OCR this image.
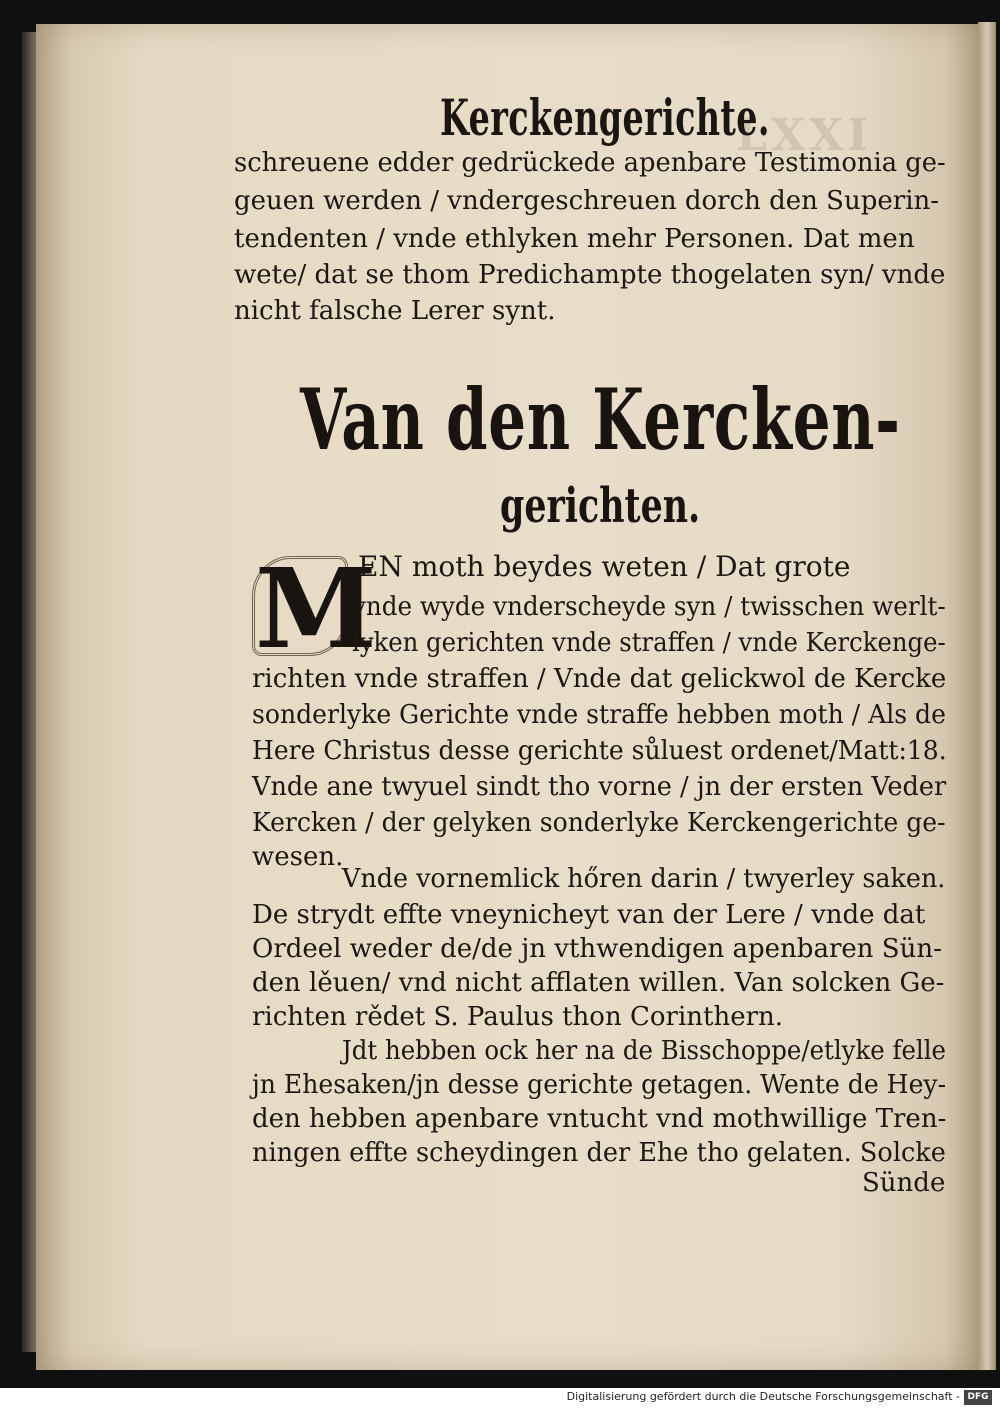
LXXI
Kerckengerichte.
schreuene edder gedrückede apenbare Testimonia ge-
geuen werden / vndergeschreuen dorch den Superin-
tendenten / vnde ethlyken mehr Personen. Dat men
wete/ dat se thom Predichampte thogelaten syn/ vnde
nicht falsche Lerer synt.
Van den Kercken-
gerichten.
M
EN moth beydes weten / Dat grote
vnde wyde vnderscheyde syn / twisschen werlt-
lyken gerichten vnde straffen / vnde Kerckenge-
richten vnde straffen / Vnde dat gelickwol de Kercke
sonderlyke Gerichte vnde straffe hebben moth / Als de
Here Christus desse gerichte sůluest ordenet/Matt:18.
Vnde ane twyuel sindt tho vorne / jn der ersten Veder
Kercken / der gelyken sonderlyke Kerckengerichte ge-
wesen.
Vnde vornemlick hőren darin / twyerley saken.
De strydt effte vneynicheyt van der Lere / vnde dat
Ordeel weder de/de jn vthwendigen apenbaren Sün-
den lěuen/ vnd nicht afflaten willen. Van solcken Ge-
richten rědet S. Paulus thon Corinthern.
Jdt hebben ock her na de Bisschoppe/etlyke felle
jn Ehesaken/jn desse gerichte getagen. Wente de Hey-
den hebben apenbare vntucht vnd mothwillige Tren-
ningen effte scheydingen der Ehe tho gelaten. Solcke
Sünde
Digitalisierung gefördert durch die Deutsche Forschungsgemeinschaft - DFG
